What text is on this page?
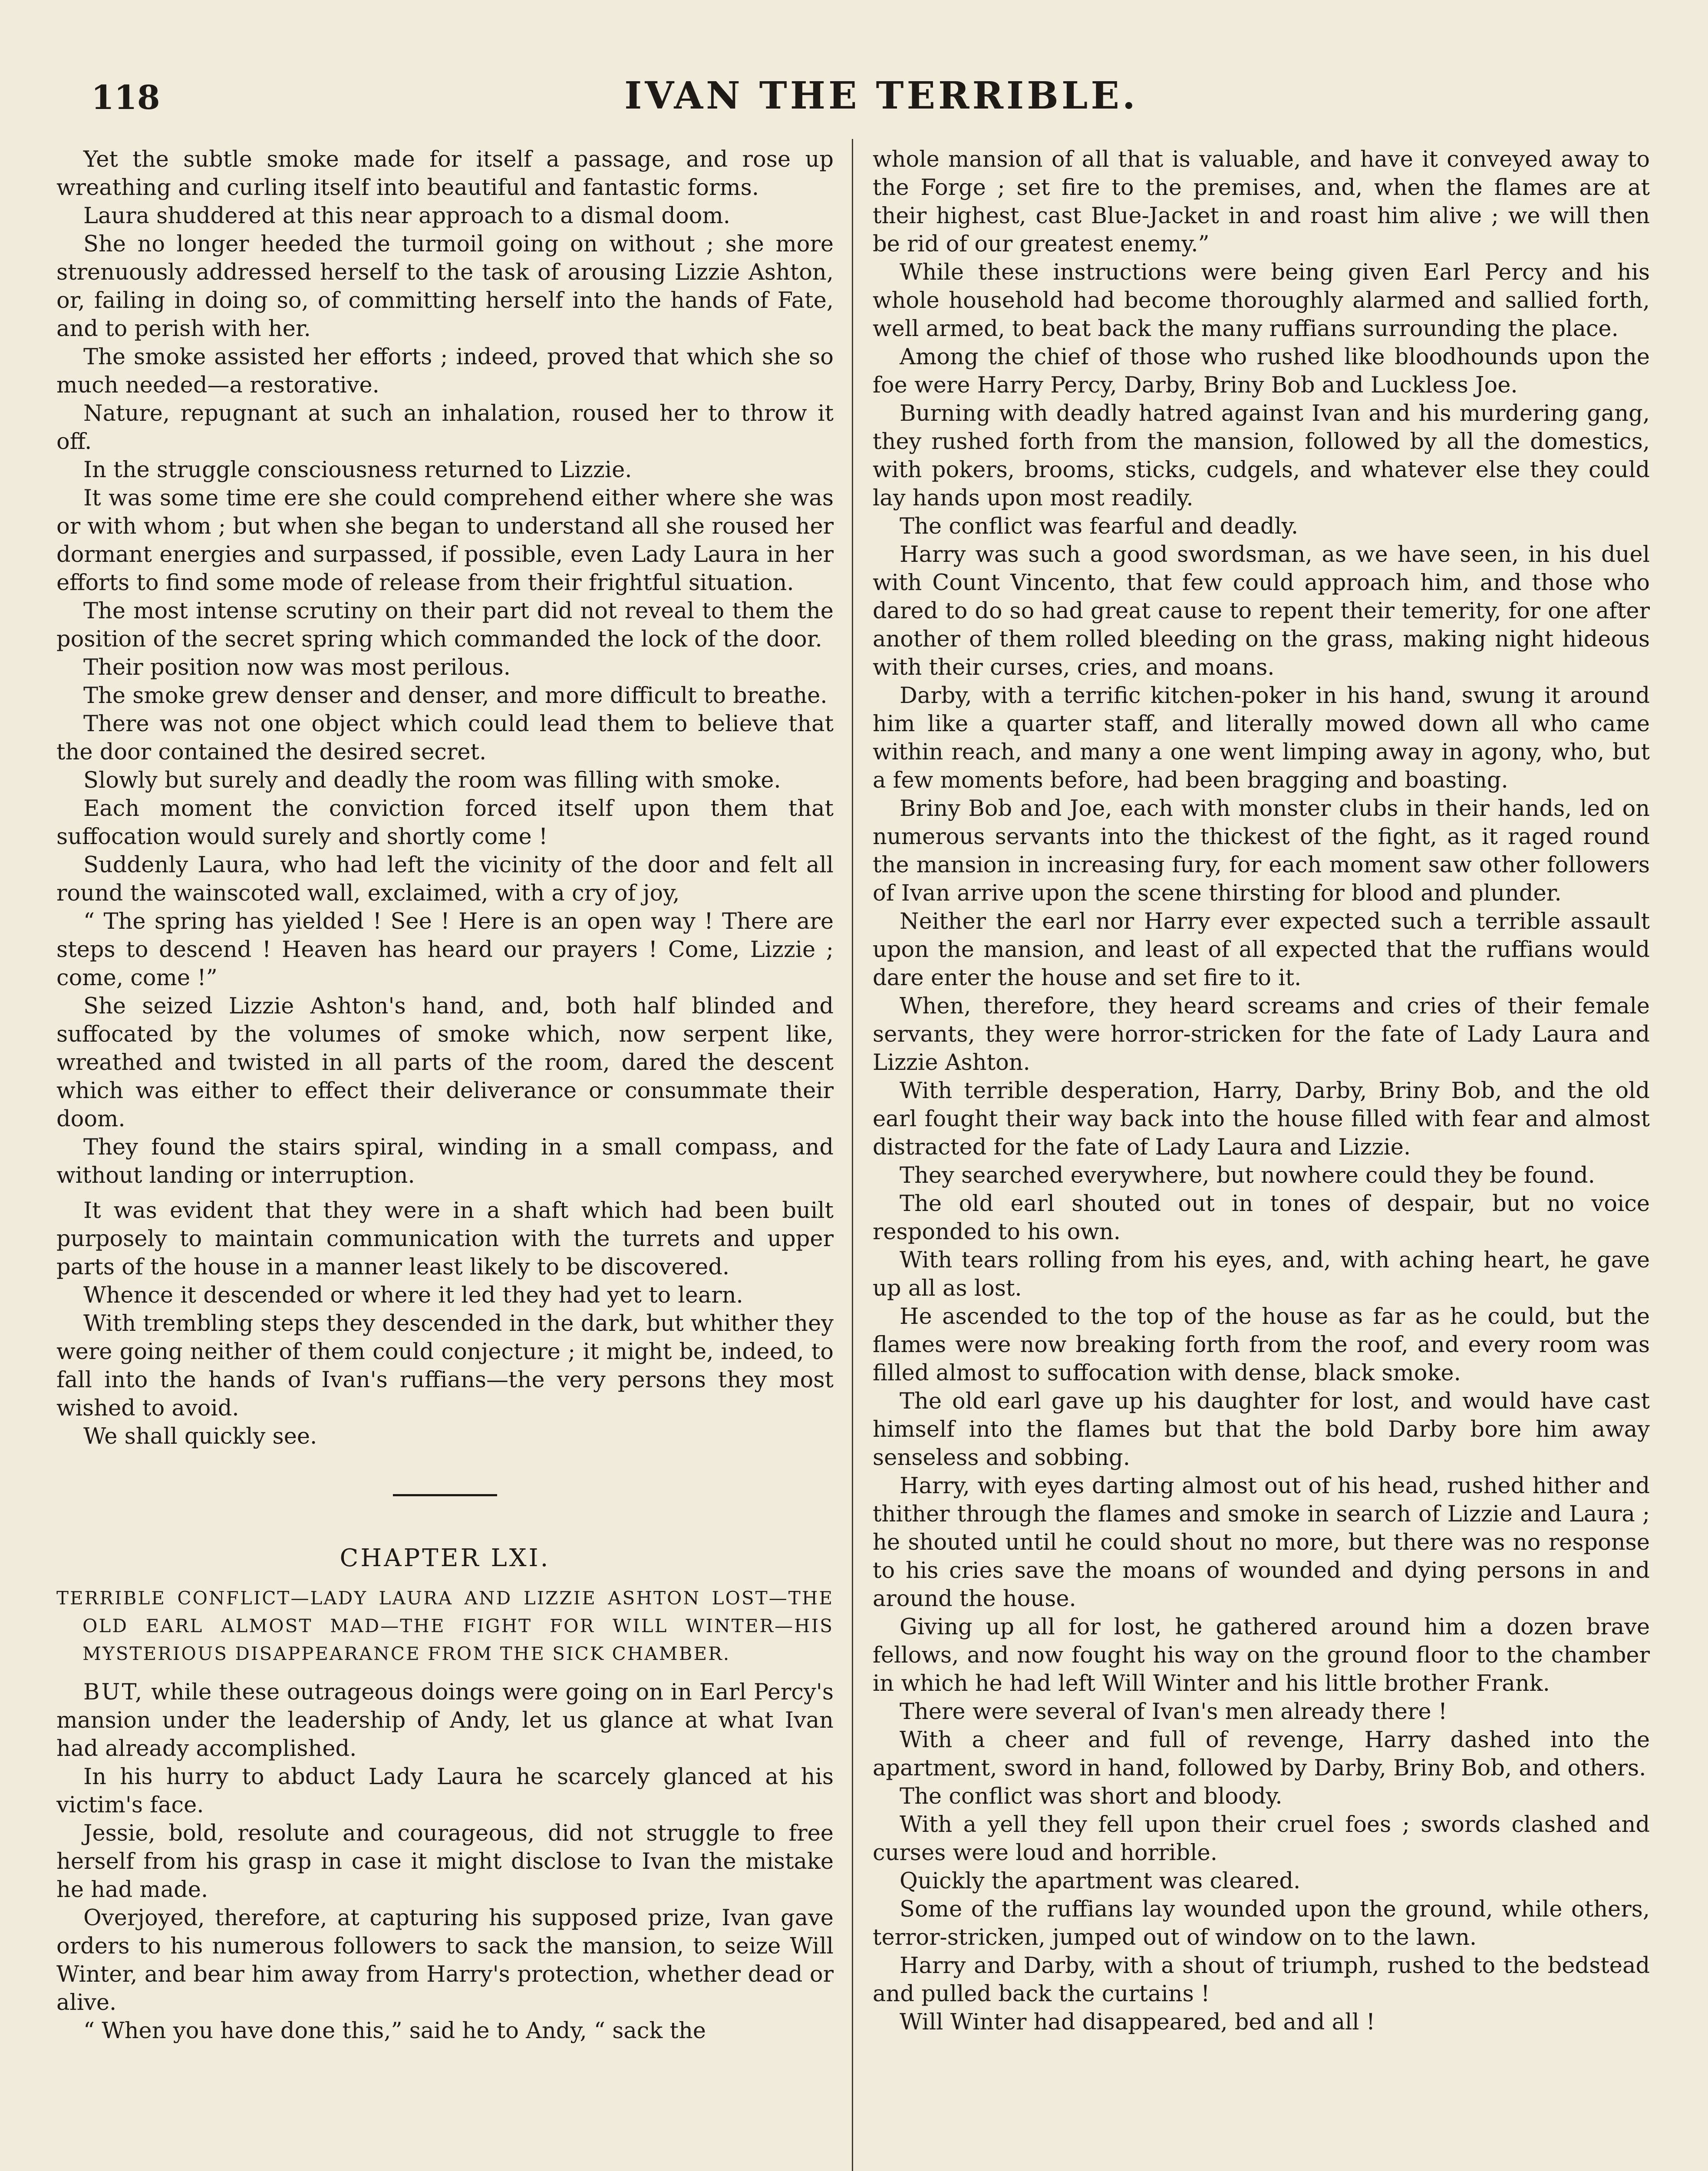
118	IVAN THE TERRIBLE.

Yet the subtle smoke made for itself a passage, and rose up wreathing and curling itself into beautiful and fantastic forms.

Laura shuddered at this near approach to a dismal doom.

She no longer heeded the turmoil going on without ; she more strenuously addressed herself to the task of arousing Lizzie Ashton, or, failing in doing so, of committing herself into the hands of Fate, and to perish with her.

The smoke assisted her efforts ; indeed, proved that which she so much needed—a restorative.

Nature, repugnant at such an inhalation, roused her to throw it off.

In the struggle consciousness returned to Lizzie.

It was some time ere she could comprehend either where she was or with whom ; but when she began to understand all she roused her dormant energies and surpassed, if possible, even Lady Laura in her efforts to find some mode of release from their frightful situation.

The most intense scrutiny on their part did not reveal to them the position of the secret spring which commanded the lock of the door.

Their position now was most perilous.

The smoke grew denser and denser, and more difficult to breathe.

There was not one object which could lead them to believe that the door contained the desired secret.

Slowly but surely and deadly the room was filling with smoke.

Each moment the conviction forced itself upon them that suffocation would surely and shortly come !

Suddenly Laura, who had left the vicinity of the door and felt all round the wainscoted wall, exclaimed, with a cry of joy,

“ The spring has yielded ! See ! Here is an open way ! There are steps to descend ! Heaven has heard our prayers ! Come, Lizzie ; come, come !”

She seized Lizzie Ashton's hand, and, both half blinded and suffocated by the volumes of smoke which, now serpent like, wreathed and twisted in all parts of the room, dared the descent which was either to effect their deliverance or consummate their doom.

They found the stairs spiral, winding in a small compass, and without landing or interruption.

It was evident that they were in a shaft which had been built purposely to maintain communication with the turrets and upper parts of the house in a manner least likely to be discovered.

Whence it descended or where it led they had yet to learn.

With trembling steps they descended in the dark, but whither they were going neither of them could conjecture ; it might be, indeed, to fall into the hands of Ivan's ruffians—the very persons they most wished to avoid.

We shall quickly see.

CHAPTER LXI.
TERRIBLE CONFLICT—LADY LAURA AND LIZZIE ASHTON LOST—THE OLD EARL ALMOST MAD—THE FIGHT FOR WILL WINTER—HIS MYSTERIOUS DISAPPEARANCE FROM THE SICK CHAMBER.

BUT, while these outrageous doings were going on in Earl Percy's mansion under the leadership of Andy, let us glance at what Ivan had already accomplished.

In his hurry to abduct Lady Laura he scarcely glanced at his victim's face.

Jessie, bold, resolute and courageous, did not struggle to free herself from his grasp in case it might disclose to Ivan the mistake he had made.

Overjoyed, therefore, at capturing his supposed prize, Ivan gave orders to his numerous followers to sack the mansion, to seize Will Winter, and bear him away from Harry's protection, whether dead or alive.

“ When you have done this,” said he to Andy, “ sack the

whole mansion of all that is valuable, and have it conveyed away to the Forge ; set fire to the premises, and, when the flames are at their highest, cast Blue-Jacket in and roast him alive ; we will then be rid of our greatest enemy.”

While these instructions were being given Earl Percy and his whole household had become thoroughly alarmed and sallied forth, well armed, to beat back the many ruffians surrounding the place.

Among the chief of those who rushed like bloodhounds upon the foe were Harry Percy, Darby, Briny Bob and Luckless Joe.

Burning with deadly hatred against Ivan and his murdering gang, they rushed forth from the mansion, followed by all the domestics, with pokers, brooms, sticks, cudgels, and whatever else they could lay hands upon most readily.

The conflict was fearful and deadly.

Harry was such a good swordsman, as we have seen, in his duel with Count Vincento, that few could approach him, and those who dared to do so had great cause to repent their temerity, for one after another of them rolled bleeding on the grass, making night hideous with their curses, cries, and moans.

Darby, with a terrific kitchen-poker in his hand, swung it around him like a quarter staff, and literally mowed down all who came within reach, and many a one went limping away in agony, who, but a few moments before, had been bragging and boasting.

Briny Bob and Joe, each with monster clubs in their hands, led on numerous servants into the thickest of the fight, as it raged round the mansion in increasing fury, for each moment saw other followers of Ivan arrive upon the scene thirsting for blood and plunder.

Neither the earl nor Harry ever expected such a terrible assault upon the mansion, and least of all expected that the ruffians would dare enter the house and set fire to it.

When, therefore, they heard screams and cries of their female servants, they were horror-stricken for the fate of Lady Laura and Lizzie Ashton.

With terrible desperation, Harry, Darby, Briny Bob, and the old earl fought their way back into the house filled with fear and almost distracted for the fate of Lady Laura and Lizzie.

They searched everywhere, but nowhere could they be found.

The old earl shouted out in tones of despair, but no voice responded to his own.

With tears rolling from his eyes, and, with aching heart, he gave up all as lost.

He ascended to the top of the house as far as he could, but the flames were now breaking forth from the roof, and every room was filled almost to suffocation with dense, black smoke.

The old earl gave up his daughter for lost, and would have cast himself into the flames but that the bold Darby bore him away senseless and sobbing.

Harry, with eyes darting almost out of his head, rushed hither and thither through the flames and smoke in search of Lizzie and Laura ; he shouted until he could shout no more, but there was no response to his cries save the moans of wounded and dying persons in and around the house.

Giving up all for lost, he gathered around him a dozen brave fellows, and now fought his way on the ground floor to the chamber in which he had left Will Winter and his little brother Frank.

There were several of Ivan's men already there !

With a cheer and full of revenge, Harry dashed into the apartment, sword in hand, followed by Darby, Briny Bob, and others.

The conflict was short and bloody.

With a yell they fell upon their cruel foes ; swords clashed and curses were loud and horrible.

Quickly the apartment was cleared.

Some of the ruffians lay wounded upon the ground, while others, terror-stricken, jumped out of window on to the lawn.

Harry and Darby, with a shout of triumph, rushed to the bedstead and pulled back the curtains !

Will Winter had disappeared, bed and all !
